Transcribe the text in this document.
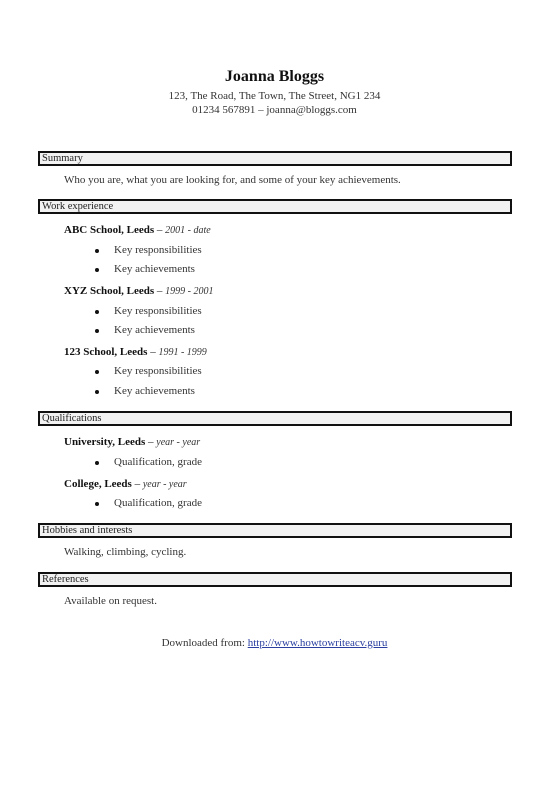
Joanna Bloggs
123, The Road, The Town, The Street, NG1 234
01234 567891 – joanna@bloggs.com
Summary
Who you are, what you are looking for, and some of your key achievements.
Work experience
ABC School, Leeds – 2001 - date
Key responsibilities
Key achievements
XYZ School, Leeds – 1999 - 2001
Key responsibilities
Key achievements
123 School, Leeds – 1991 - 1999
Key responsibilities
Key achievements
Qualifications
University, Leeds – year - year
Qualification, grade
College, Leeds – year - year
Qualification, grade
Hobbies and interests
Walking, climbing, cycling.
References
Available on request.
Downloaded from: http://www.howtowriteacv.guru
